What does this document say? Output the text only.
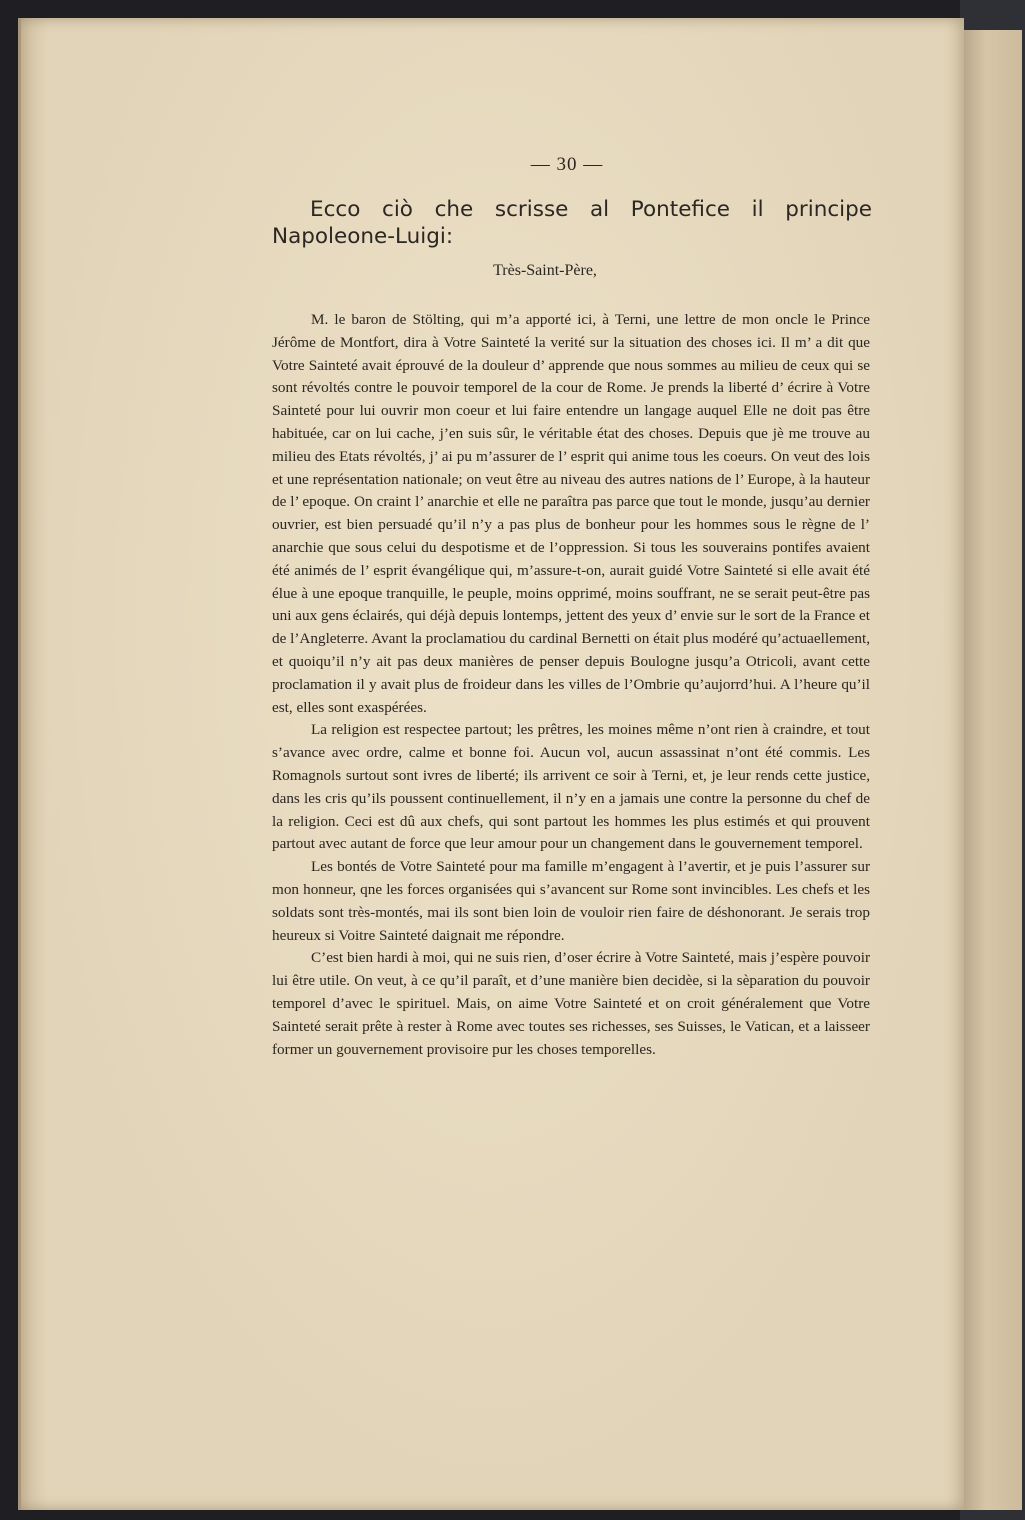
— 30 —
Ecco ciò che scrisse al Pontefice il principe Napoleone-Luigi:
Très-Saint-Père,

M. le baron de Stölting, qui m’a apporté ici, à Terni, une lettre de mon oncle le Prince Jérôme de Montfort, dira à Votre Sainteté la verité sur la situation des choses ici. Il m’ a dit que Votre Sainteté avait éprouvé de la douleur d’ apprende que nous sommes au milieu de ceux qui se sont révoltés contre le pouvoir temporel de la cour de Rome. Je prends la liberté d’ écrire à Votre Sainteté pour lui ouvrir mon coeur et lui faire entendre un langage auquel Elle ne doit pas être habituée, car on lui cache, j’en suis sûr, le véritable état des choses. Depuis que jè me trouve au milieu des Etats révoltés, j’ ai pu m’assurer de l’ esprit qui anime tous les coeurs. On veut des lois et une représentation nationale; on veut être au niveau des autres nations de l’ Europe, à la hauteur de l’ epoque. On craint l’ anarchie et elle ne paraîtra pas parce que tout le monde, jusqu’au dernier ouvrier, est bien persuadé qu’il n’y a pas plus de bonheur pour les hommes sous le règne de l’ anarchie que sous celui du despotisme et de l’oppression. Si tous les souverains pontifes avaient été animés de l’ esprit évangélique qui, m’assure-t-on, aurait guidé Votre Sainteté si elle avait été élue à une epoque tranquille, le peuple, moins opprimé, moins souffrant, ne se serait peut-être pas uni aux gens éclairés, qui déjà depuis lontemps, jettent des yeux d’ envie sur le sort de la France et de l’Angleterre. Avant la proclamatiou du cardinal Bernetti on était plus modéré qu’actuaellement, et quoiqu’il n’y ait pas deux manières de penser depuis Boulogne jusqu’a Otricoli, avant cette proclamation il y avait plus de froideur dans les villes de l’Ombrie qu’aujorrd’hui. A l’heure qu’il est, elles sont exaspérées.

La religion est respectee partout; les prêtres, les moines même n’ont rien à craindre, et tout s’avance avec ordre, calme et bonne foi. Aucun vol, aucun assassinat n’ont été commis. Les Romagnols surtout sont ivres de liberté; ils arrivent ce soir à Terni, et, je leur rends cette justice, dans les cris qu’ils poussent continuellement, il n’y en a jamais une contre la personne du chef de la religion. Ceci est dû aux chefs, qui sont partout les hommes les plus estimés et qui prouvent partout avec autant de force que leur amour pour un changement dans le gouvernement temporel.

Les bontés de Votre Sainteté pour ma famille m’engagent à l’avertir, et je puis l’assurer sur mon honneur, qne les forces organisées qui s’avancent sur Rome sont invincibles. Les chefs et les soldats sont très-montés, mai ils sont bien loin de vouloir rien faire de déshonorant. Je serais trop heureux si Voitre Sainteté daignait me répondre.

C’est bien hardi à moi, qui ne suis rien, d’oser écrire à Votre Sainteté, mais j’espère pouvoir lui être utile. On veut, à ce qu’il paraît, et d’une manière bien decidèe, si la sèparation du pouvoir temporel d’avec le spirituel. Mais, on aime Votre Sainteté et on croit généralement que Votre Sainteté serait prête à rester à Rome avec toutes ses richesses, ses Suisses, le Vatican, et a laisseer former un gouvernement provisoire pur les choses temporelles.
